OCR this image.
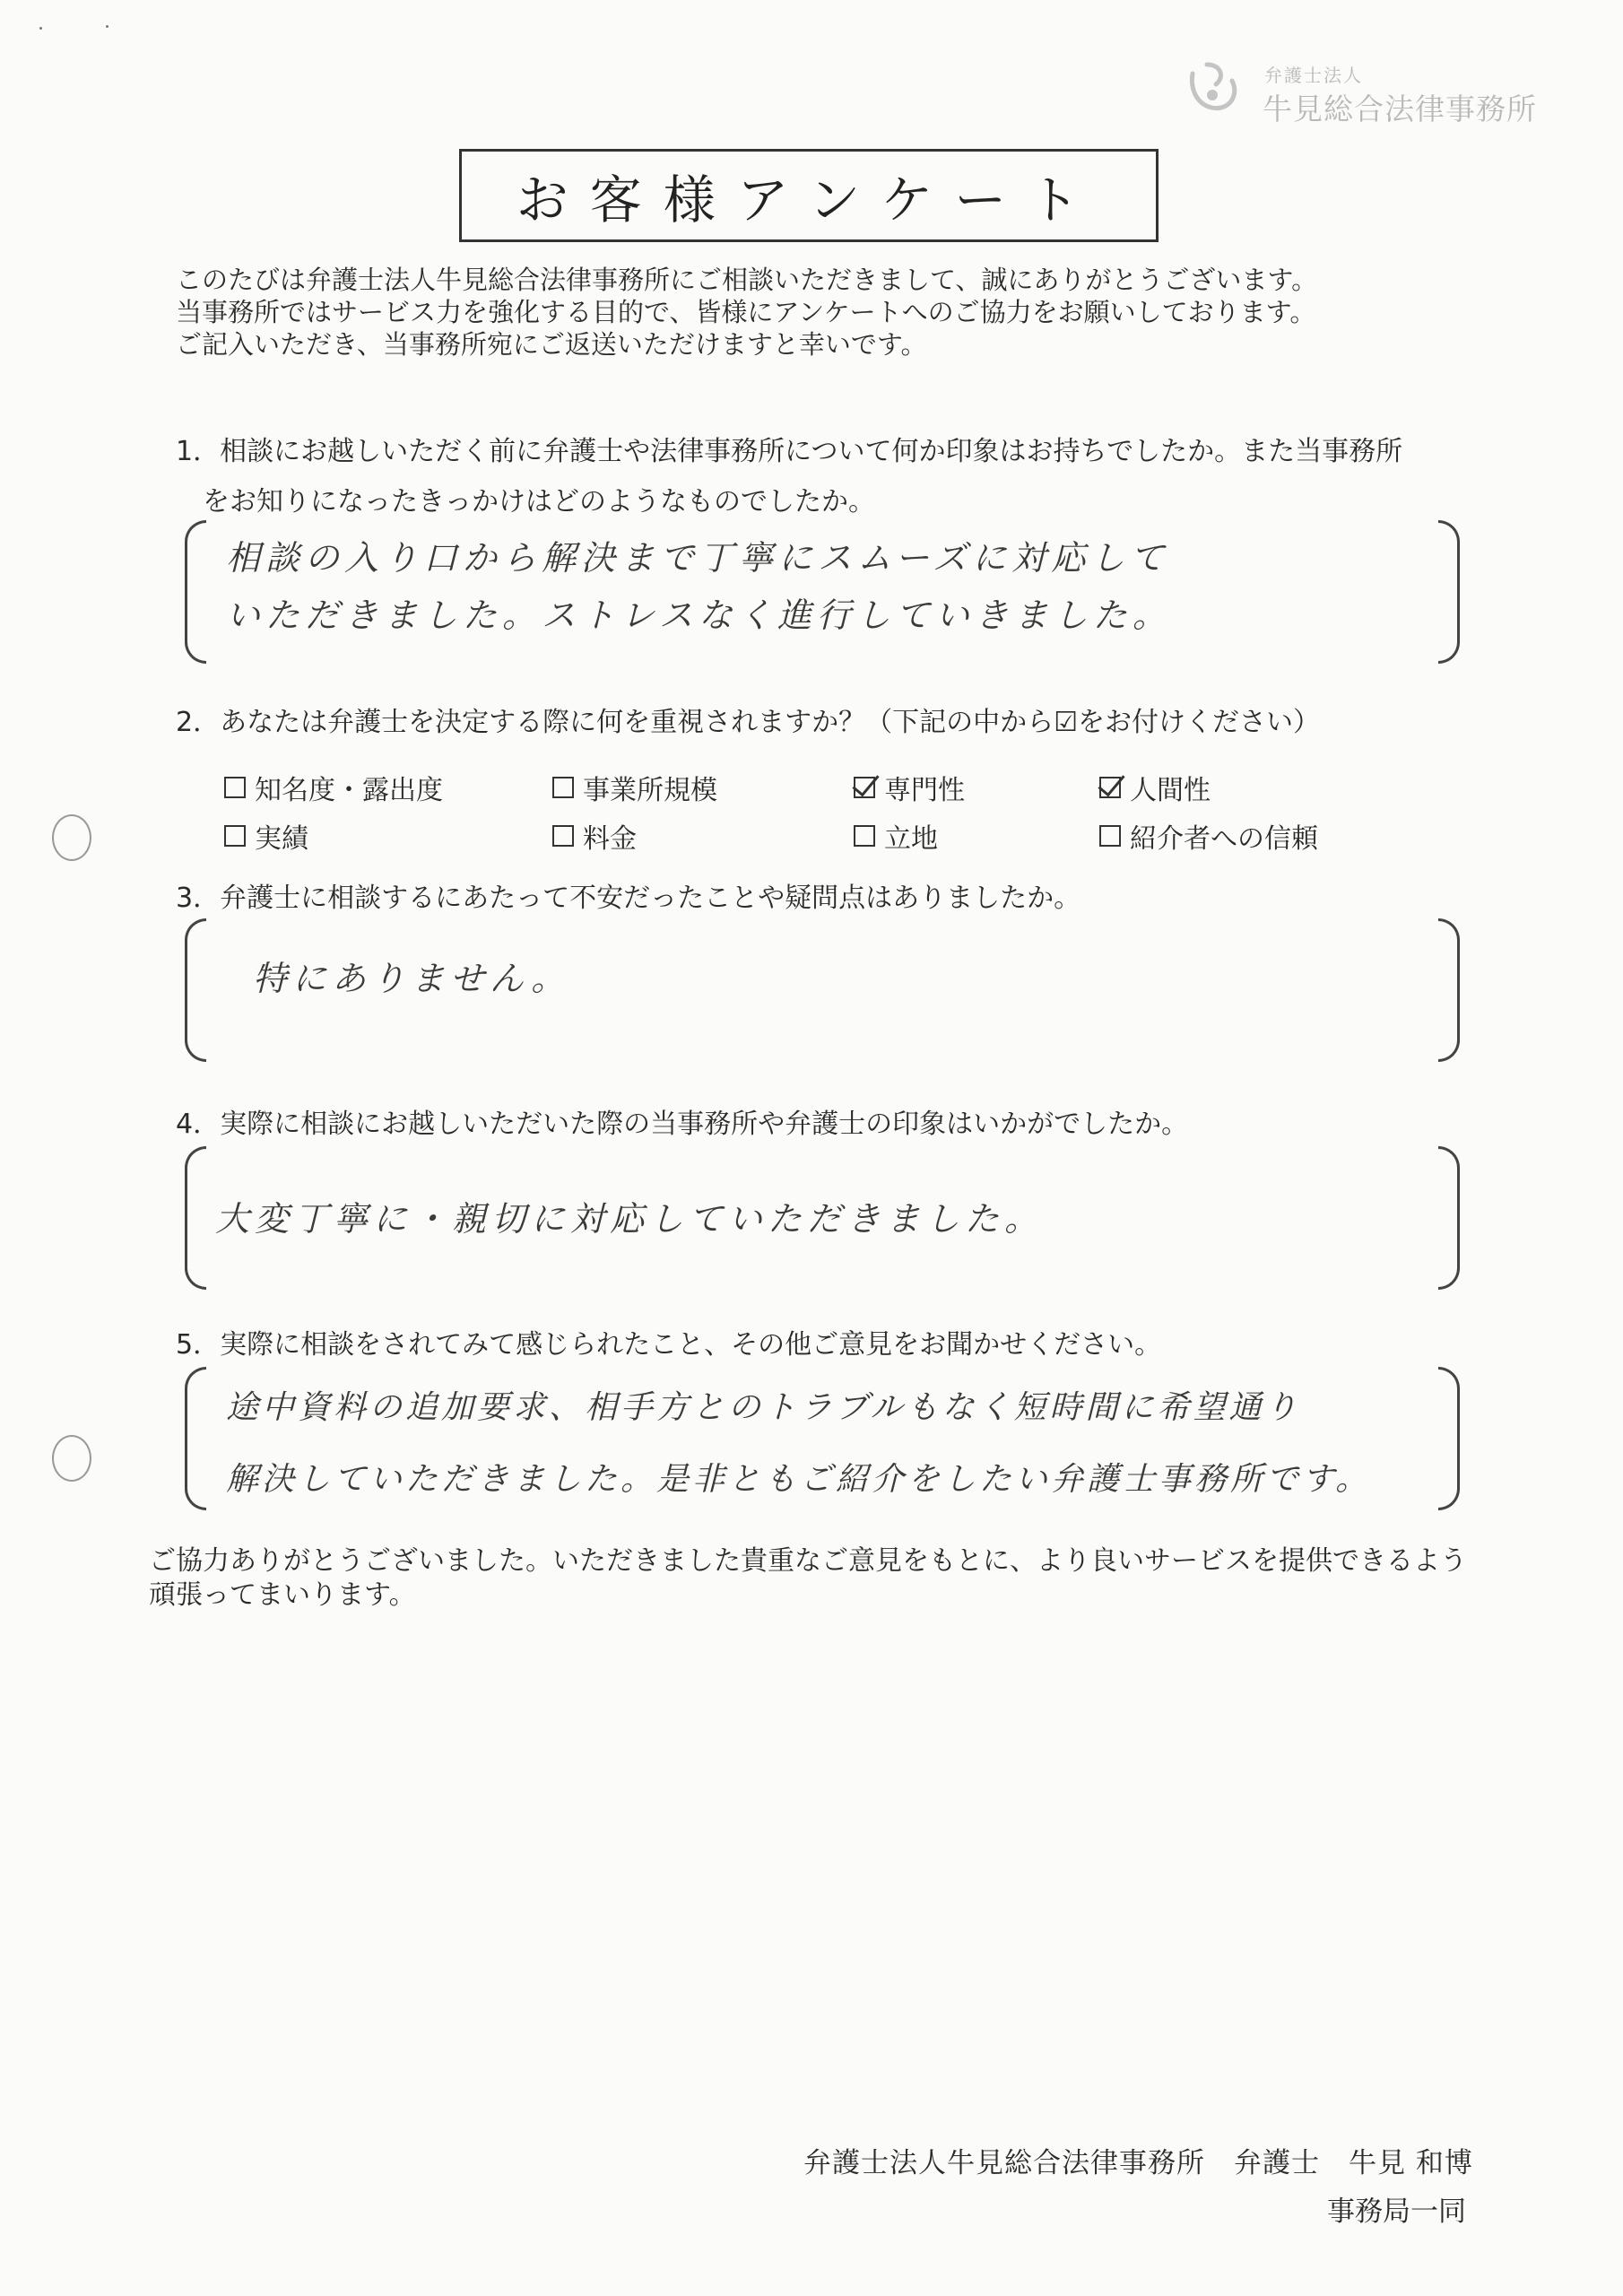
弁護士法人
牛見総合法律事務所
お客様アンケート
このたびは弁護士法人牛見総合法律事務所にご相談いただきまして、誠にありがとうございます。
当事務所ではサービス力を強化する目的で、皆様にアンケートへのご協力をお願いしております。
ご記入いただき、当事務所宛にご返送いただけますと幸いです。
1．相談にお越しいただく前に弁護士や法律事務所について何か印象はお持ちでしたか。また当事務所
　をお知りになったきっかけはどのようなものでしたか。
相談の入り口から解決まで丁寧にスムーズに対応して
いただきました。ストレスなく進行していきました。
2．あなたは弁護士を決定する際に何を重視されますか？（下記の中から☑をお付けください）
知名度・露出度	事業所規模	専門性	人間性
実績	料金	立地	紹介者への信頼
3．弁護士に相談するにあたって不安だったことや疑問点はありましたか。
特にありません。
4．実際に相談にお越しいただいた際の当事務所や弁護士の印象はいかがでしたか。
大変丁寧に・親切に対応していただきました。
5．実際に相談をされてみて感じられたこと、その他ご意見をお聞かせください。
途中資料の追加要求、相手方とのトラブルもなく短時間に希望通り
解決していただきました。是非ともご紹介をしたい弁護士事務所です。
ご協力ありがとうございました。いただきました貴重なご意見をもとに、より良いサービスを提供できるよう
頑張ってまいります。
弁護士法人牛見総合法律事務所　弁護士　牛見 和博
事務局一同
